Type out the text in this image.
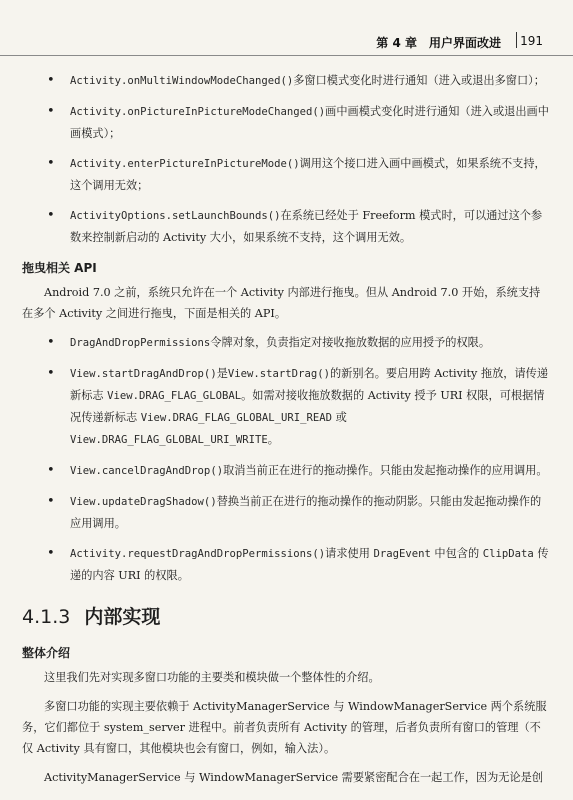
第 4 章　用户界面改进 191
• Activity.onMultiWindowModeChanged()多窗口模式变化时进行通知（进入或退出多窗口）；
• Activity.onPictureInPictureModeChanged()画中画模式变化时进行通知（进入或退出画中画模式）；
• Activity.enterPictureInPictureMode()调用这个接口进入画中画模式，如果系统不支持，这个调用无效；
• ActivityOptions.setLaunchBounds()在系统已经处于 Freeform 模式时，可以通过这个参数来控制新启动的 Activity 大小，如果系统不支持，这个调用无效。
拖曳相关 API
Android 7.0 之前，系统只允许在一个 Activity 内部进行拖曳。但从 Android 7.0 开始，系统支持在多个 Activity 之间进行拖曳，下面是相关的 API。
• DragAndDropPermissions令牌对象，负责指定对接收拖放数据的应用授予的权限。
• View.startDragAndDrop()是View.startDrag()的新别名。要启用跨 Activity 拖放，请传递新标志 View.DRAG_FLAG_GLOBAL。如需对接收拖放数据的 Activity 授予 URI 权限，可根据情况传递新标志 View.DRAG_FLAG_GLOBAL_URI_READ 或 View.DRAG_FLAG_GLOBAL_URI_WRITE。
• View.cancelDragAndDrop()取消当前正在进行的拖动操作。只能由发起拖动操作的应用调用。
• View.updateDragShadow()替换当前正在进行的拖动操作的拖动阴影。只能由发起拖动操作的应用调用。
• Activity.requestDragAndDropPermissions()请求使用 DragEvent 中包含的 ClipData 传递的内容 URI 的权限。
4.1.3 内部实现
整体介绍
这里我们先对实现多窗口功能的主要类和模块做一个整体性的介绍。
多窗口功能的实现主要依赖于 ActivityManagerService 与 WindowManagerService 两个系统服务，它们都位于 system_server 进程中。前者负责所有 Activity 的管理，后者负责所有窗口的管理（不仅 Activity 具有窗口，其他模块也会有窗口，例如，输入法）。
ActivityManagerService 与 WindowManagerService 需要紧密配合在一起工作，因为无论是创
